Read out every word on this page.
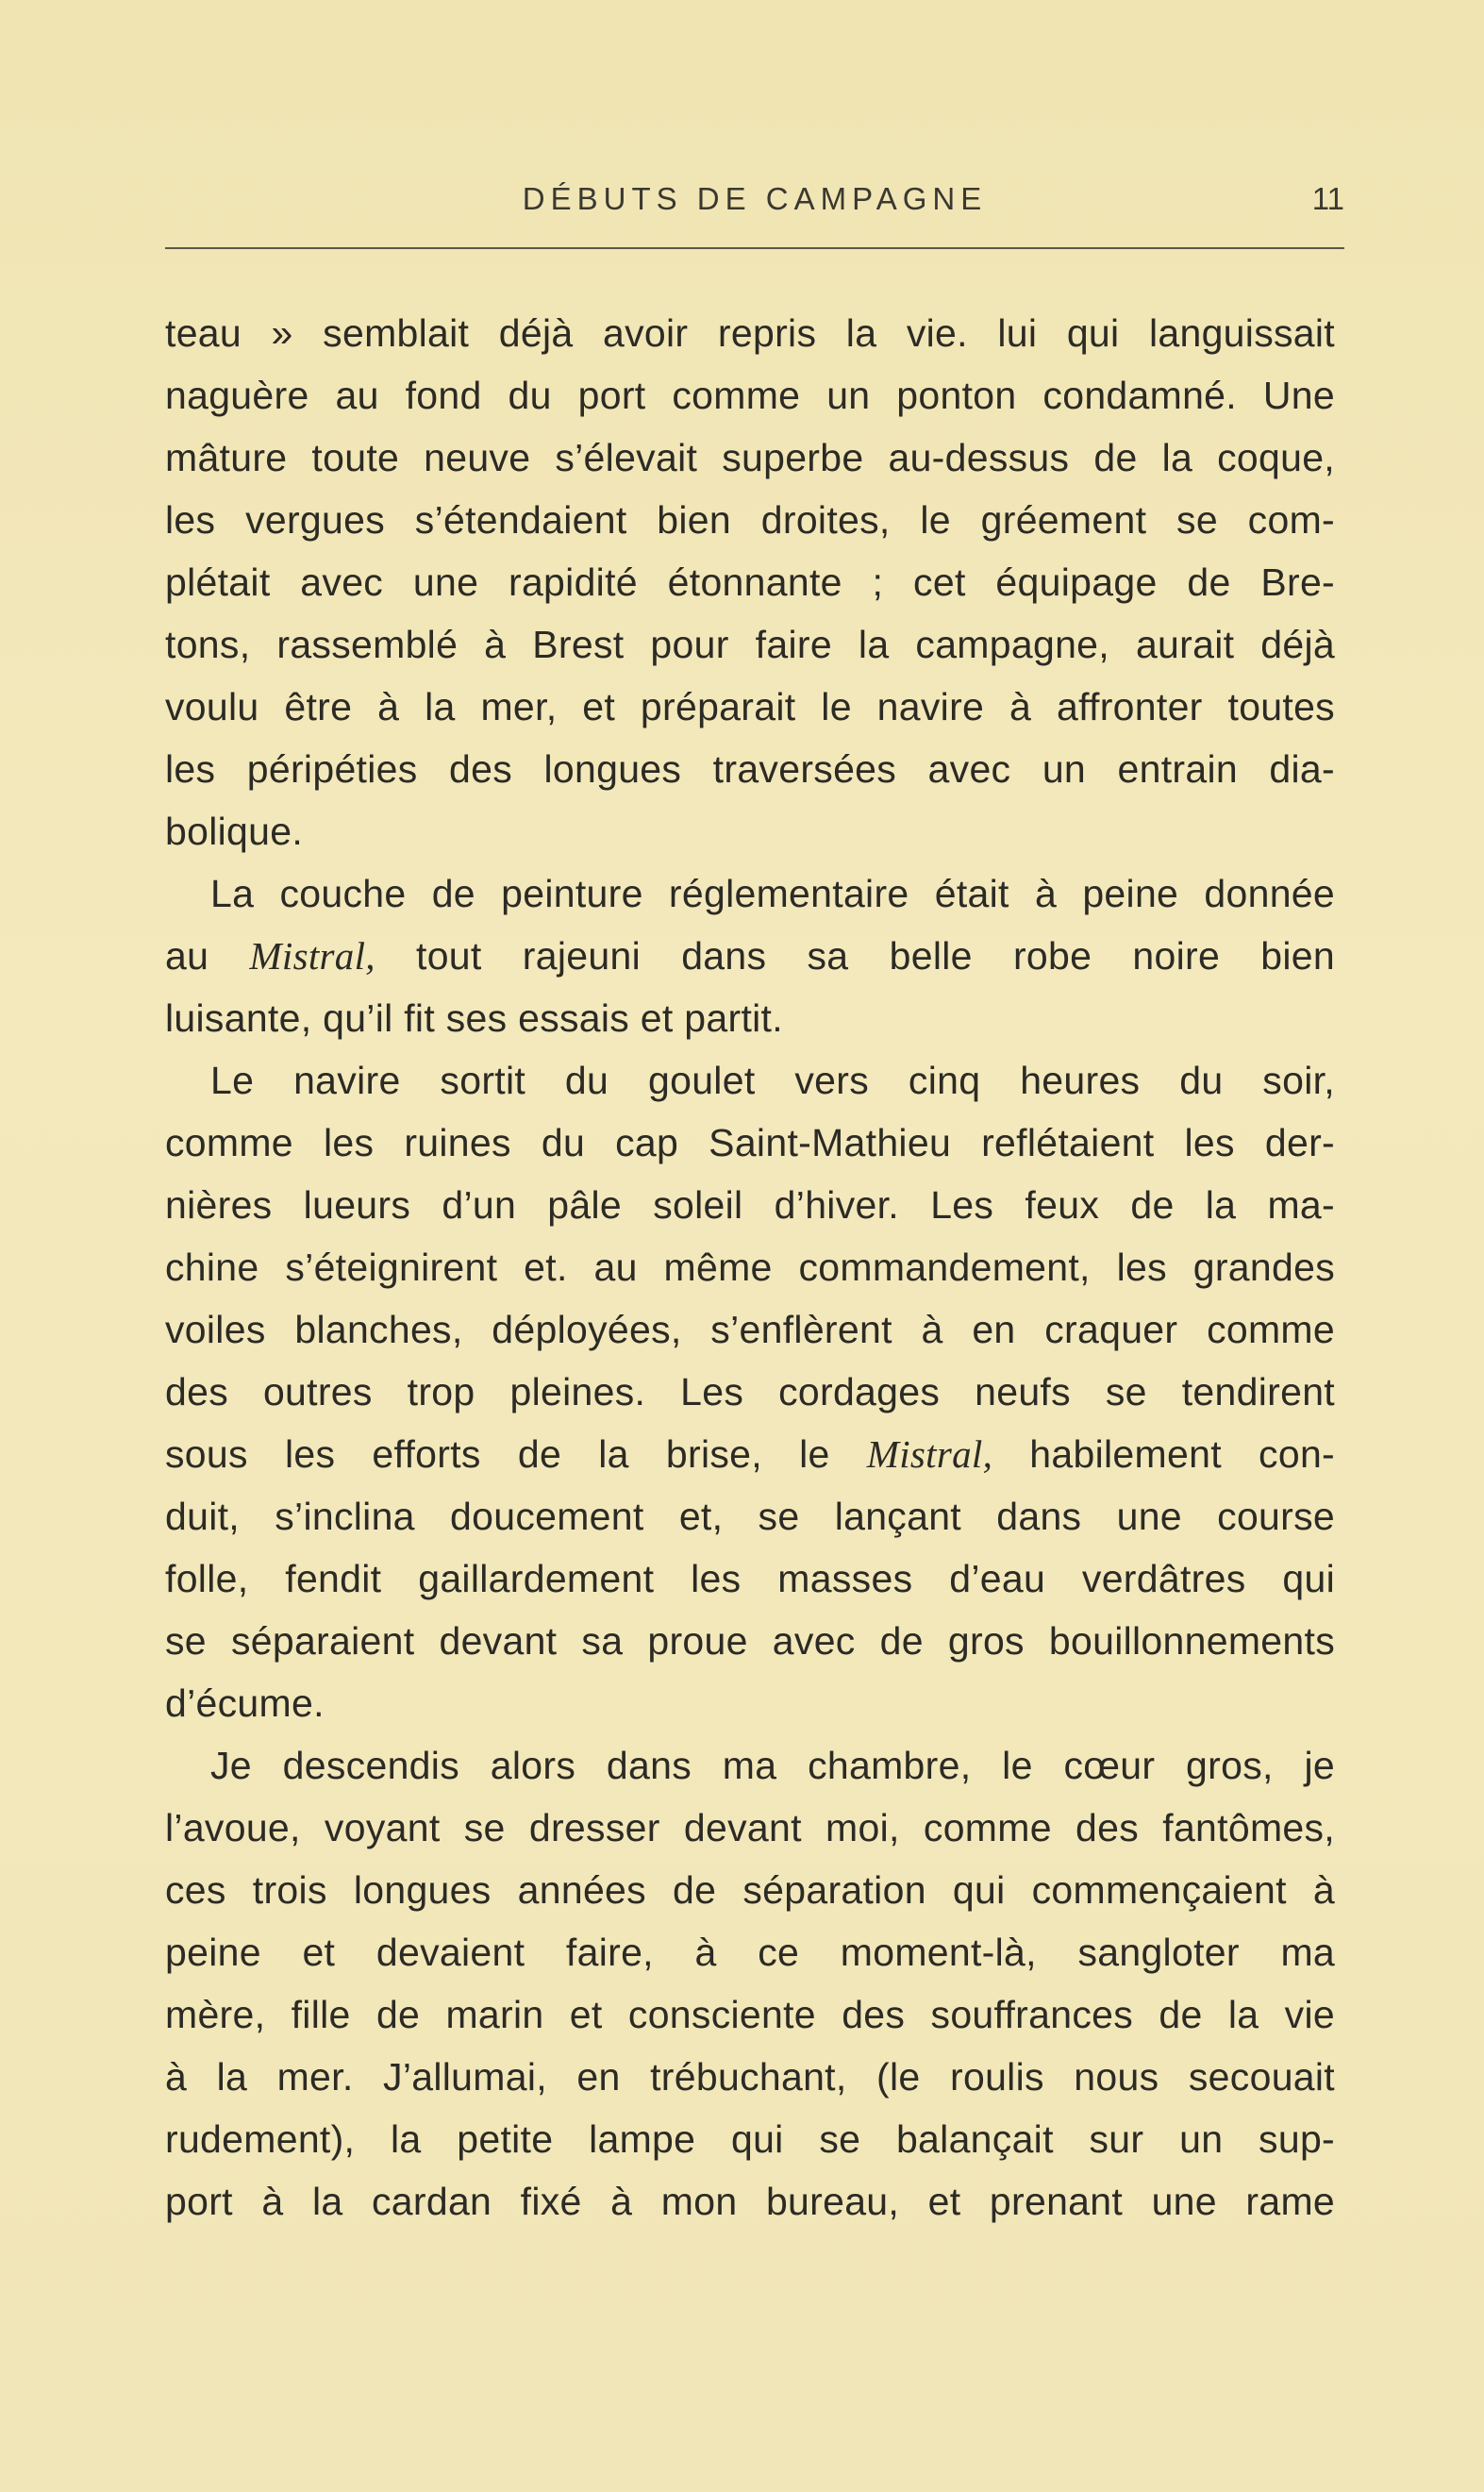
DÉBUTS DE CAMPAGNE	11
teau » semblait déjà avoir repris la vie. lui qui languissait
naguère au fond du port comme un ponton condamné. Une
mâture toute neuve s’élevait superbe au-dessus de la coque,
les vergues s’étendaient bien droites, le gréement se com-
plétait avec une rapidité étonnante ; cet équipage de Bre-
tons, rassemblé à Brest pour faire la campagne, aurait déjà
voulu être à la mer, et préparait le navire à affronter toutes
les péripéties des longues traversées avec un entrain dia-
bolique.
La couche de peinture réglementaire était à peine donnée
au Mistral, tout rajeuni dans sa belle robe noire bien
luisante, qu’il fit ses essais et partit.
Le navire sortit du goulet vers cinq heures du soir,
comme les ruines du cap Saint-Mathieu reflétaient les der-
nières lueurs d’un pâle soleil d’hiver. Les feux de la ma-
chine s’éteignirent et. au même commandement, les grandes
voiles blanches, déployées, s’enflèrent à en craquer comme
des outres trop pleines. Les cordages neufs se tendirent
sous les efforts de la brise, le Mistral, habilement con-
duit, s’inclina doucement et, se lançant dans une course
folle, fendit gaillardement les masses d’eau verdâtres qui
se séparaient devant sa proue avec de gros bouillonnements
d’écume.
Je descendis alors dans ma chambre, le cœur gros, je
l’avoue, voyant se dresser devant moi, comme des fantômes,
ces trois longues années de séparation qui commençaient à
peine et devaient faire, à ce moment-là, sangloter ma
mère, fille de marin et consciente des souffrances de la vie
à la mer. J’allumai, en trébuchant, (le roulis nous secouait
rudement), la petite lampe qui se balançait sur un sup-
port à la cardan fixé à mon bureau, et prenant une rame
